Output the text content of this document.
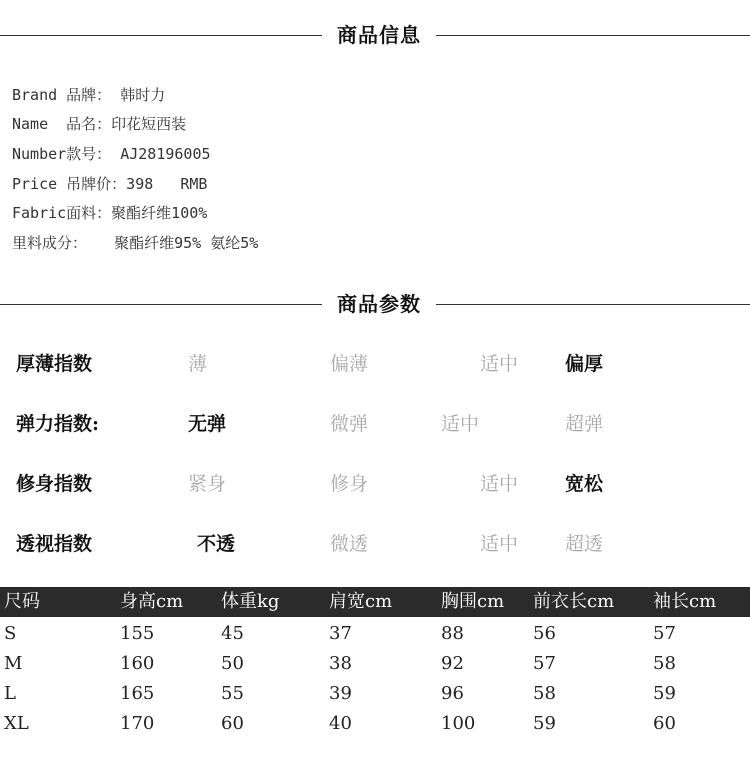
商品信息
Brand 品牌： 韩时力
Name  品名：印花短西装
Number款号： AJ28196005
Price 吊牌价：398   RMB
Fabric面料：聚酯纤维100%
里料成分：   聚酯纤维95% 氨纶5%
商品参数
厚薄指数	薄	偏薄	适中 偏厚
弹力指数:	无弹	微弹	适中	超弹
修身指数	紧身	修身	适中 宽松
透视指数	不透	微透	适中 超透
尺码	身高cm 体重kg	肩宽cm	胸围cm 前衣长cm 袖长cm
S	155	45	37	88	56	57
M	160	50	38	92	57	58
L	165	55	39	96	58	59
XL	170	60	40	100	59	60
